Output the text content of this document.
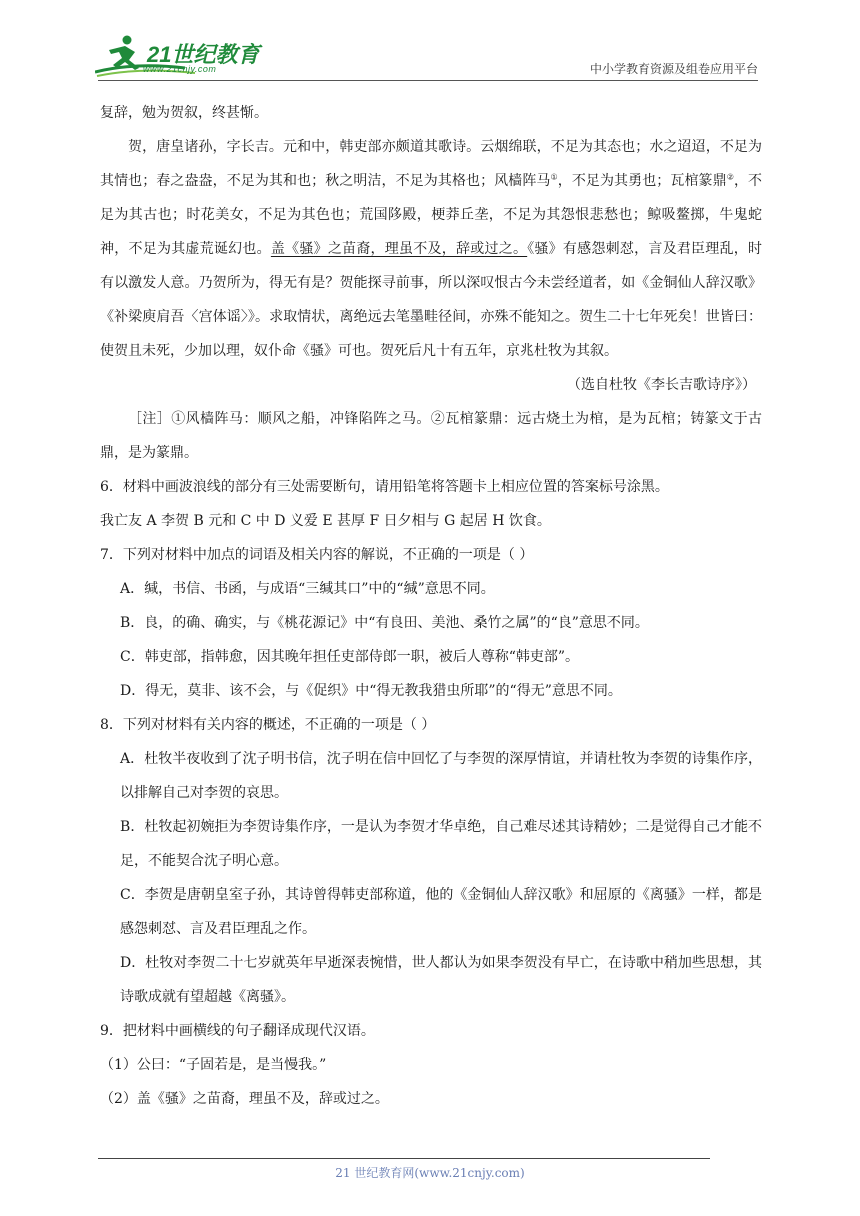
21世纪教育
www.21cnjy.com	中小学教育资源及组卷应用平台

复辞，勉为贺叙，终甚惭。

贺，唐皇诸孙，字长吉。元和中，韩吏部亦颇道其歌诗。云烟绵联，不足为其态也；水之迢迢，不足为其情也；春之盎盎，不足为其和也；秋之明洁，不足为其格也；风樯阵马①，不足为其勇也；瓦棺篆鼎②，不足为其古也；时花美女，不足为其色也；荒国陊殿，梗莽丘垄，不足为其怨恨悲愁也；鲸吸鳌掷，牛鬼蛇神，不足为其虚荒诞幻也。盖《骚》之苗裔，理虽不及，辞或过之。《骚》有感怨刺怼，言及君臣理乱，时有以激发人意。乃贺所为，得无有是？贺能探寻前事，所以深叹恨古今未尝经道者，如《金铜仙人辞汉歌》《补梁庾肩吾〈宫体谣〉》。求取情状，离绝远去笔墨畦径间，亦殊不能知之。贺生二十七年死矣！世皆曰：使贺且未死，少加以理，奴仆命《骚》可也。贺死后凡十有五年，京兆杜牧为其叙。

（选自杜牧《李长吉歌诗序》）

［注］①风樯阵马：顺风之船，冲锋陷阵之马。②瓦棺篆鼎：远古烧土为棺，是为瓦棺；铸篆文于古鼎，是为篆鼎。

6．材料中画波浪线的部分有三处需要断句，请用铅笔将答题卡上相应位置的答案标号涂黑。

我亡友 A 李贺 B 元和 C 中 D 义爱 E 甚厚 F 日夕相与 G 起居 H 饮食。

7．下列对材料中加点的词语及相关内容的解说，不正确的一项是（ ）

A．缄，书信、书函，与成语“三缄其口”中的“缄”意思不同。

B．良，的确、确实，与《桃花源记》中“有良田、美池、桑竹之属”的“良”意思不同。

C．韩吏部，指韩愈，因其晚年担任吏部侍郎一职，被后人尊称“韩吏部”。

D．得无，莫非、该不会，与《促织》中“得无教我猎虫所耶”的“得无”意思不同。

8．下列对材料有关内容的概述，不正确的一项是（ ）

A．杜牧半夜收到了沈子明书信，沈子明在信中回忆了与李贺的深厚情谊，并请杜牧为李贺的诗集作序，以排解自己对李贺的哀思。

B．杜牧起初婉拒为李贺诗集作序，一是认为李贺才华卓绝，自己难尽述其诗精妙；二是觉得自己才能不足，不能契合沈子明心意。

C．李贺是唐朝皇室子孙，其诗曾得韩吏部称道，他的《金铜仙人辞汉歌》和屈原的《离骚》一样，都是感怨刺怼、言及君臣理乱之作。

D．杜牧对李贺二十七岁就英年早逝深表惋惜，世人都认为如果李贺没有早亡，在诗歌中稍加些思想，其诗歌成就有望超越《离骚》。

9．把材料中画横线的句子翻译成现代汉语。

（1）公曰：“子固若是，是当慢我。”

（2）盖《骚》之苗裔，理虽不及，辞或过之。

21 世纪教育网(www.21cnjy.com)
